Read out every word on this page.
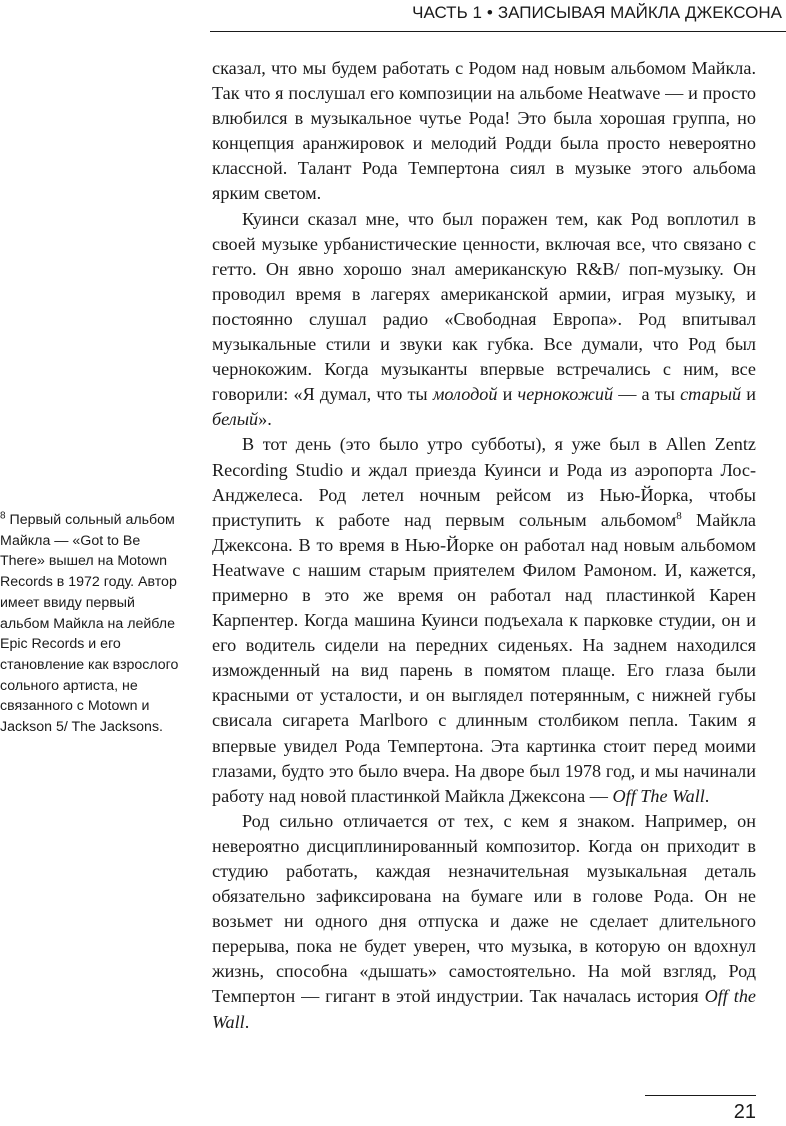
ЧАСТЬ 1 • ЗАПИСЫВАЯ МАЙКЛА ДЖЕКСОНА

сказал, что мы будем работать с Родом над новым альбомом Майкла. Так что я послушал его композиции на альбоме Heatwave — и просто влюбился в музыкальное чутье Рода! Это была хорошая группа, но концепция аранжировок и мелодий Родди была просто невероятно классной. Талант Рода Темпертона сиял в музыке этого альбома ярким светом.

Куинси сказал мне, что был поражен тем, как Род воплотил в своей музыке урбанистические ценности, включая все, что связано с гетто. Он явно хорошо знал американскую R&B/ поп-музыку. Он проводил время в лагерях американской армии, играя музыку, и постоянно слушал радио «Свободная Европа». Род впитывал музыкальные стили и звуки как губка. Все думали, что Род был чернокожим. Когда музыканты впервые встречались с ним, все говорили: «Я думал, что ты молодой и чернокожий — а ты старый и белый».

В тот день (это было утро субботы), я уже был в Allen Zentz Recording Studio и ждал приезда Куинси и Рода из аэропорта Лос-Анджелеса. Род летел ночным рейсом из Нью-Йорка, чтобы приступить к работе над первым сольным альбомом$^8$ Майкла Джексона. В то время в Нью-Йорке он работал над новым альбомом Heatwave с нашим старым приятелем Филом Рамоном. И, кажется, примерно в это же время он работал над пластинкой Карен Карпентер. Когда машина Куинси подъехала к парковке студии, он и его водитель сидели на передних сиденьях. На заднем находился изможденный на вид парень в помятом плаще. Его глаза были красными от усталости, и он выглядел потерянным, с нижней губы свисала сигарета Marlboro с длинным столбиком пепла. Таким я впервые увидел Рода Темпертона. Эта картинка стоит перед моими глазами, будто это было вчера. На дворе был 1978 год, и мы начинали работу над новой пластинкой Майкла Джексона — Off The Wall.

Род сильно отличается от тех, с кем я знаком. Например, он невероятно дисциплинированный композитор. Когда он приходит в студию работать, каждая незначительная музыкальная деталь обязательно зафиксирована на бумаге или в голове Рода. Он не возьмет ни одного дня отпуска и даже не сделает длительного перерыва, пока не будет уверен, что музыка, в которую он вдохнул жизнь, способна «дышать» самостоятельно. На мой взгляд, Род Темпертон — гигант в этой индустрии. Так началась история Off the Wall.

$^8$ Первый сольный альбом Майкла — «Got to Be There» вышел на Motown Records в 1972 году. Автор имеет ввиду первый альбом Майкла на лейбле Epic Records и его становление как взрослого сольного артиста, не связанного с Motown и Jackson 5/ The Jacksons.
21
